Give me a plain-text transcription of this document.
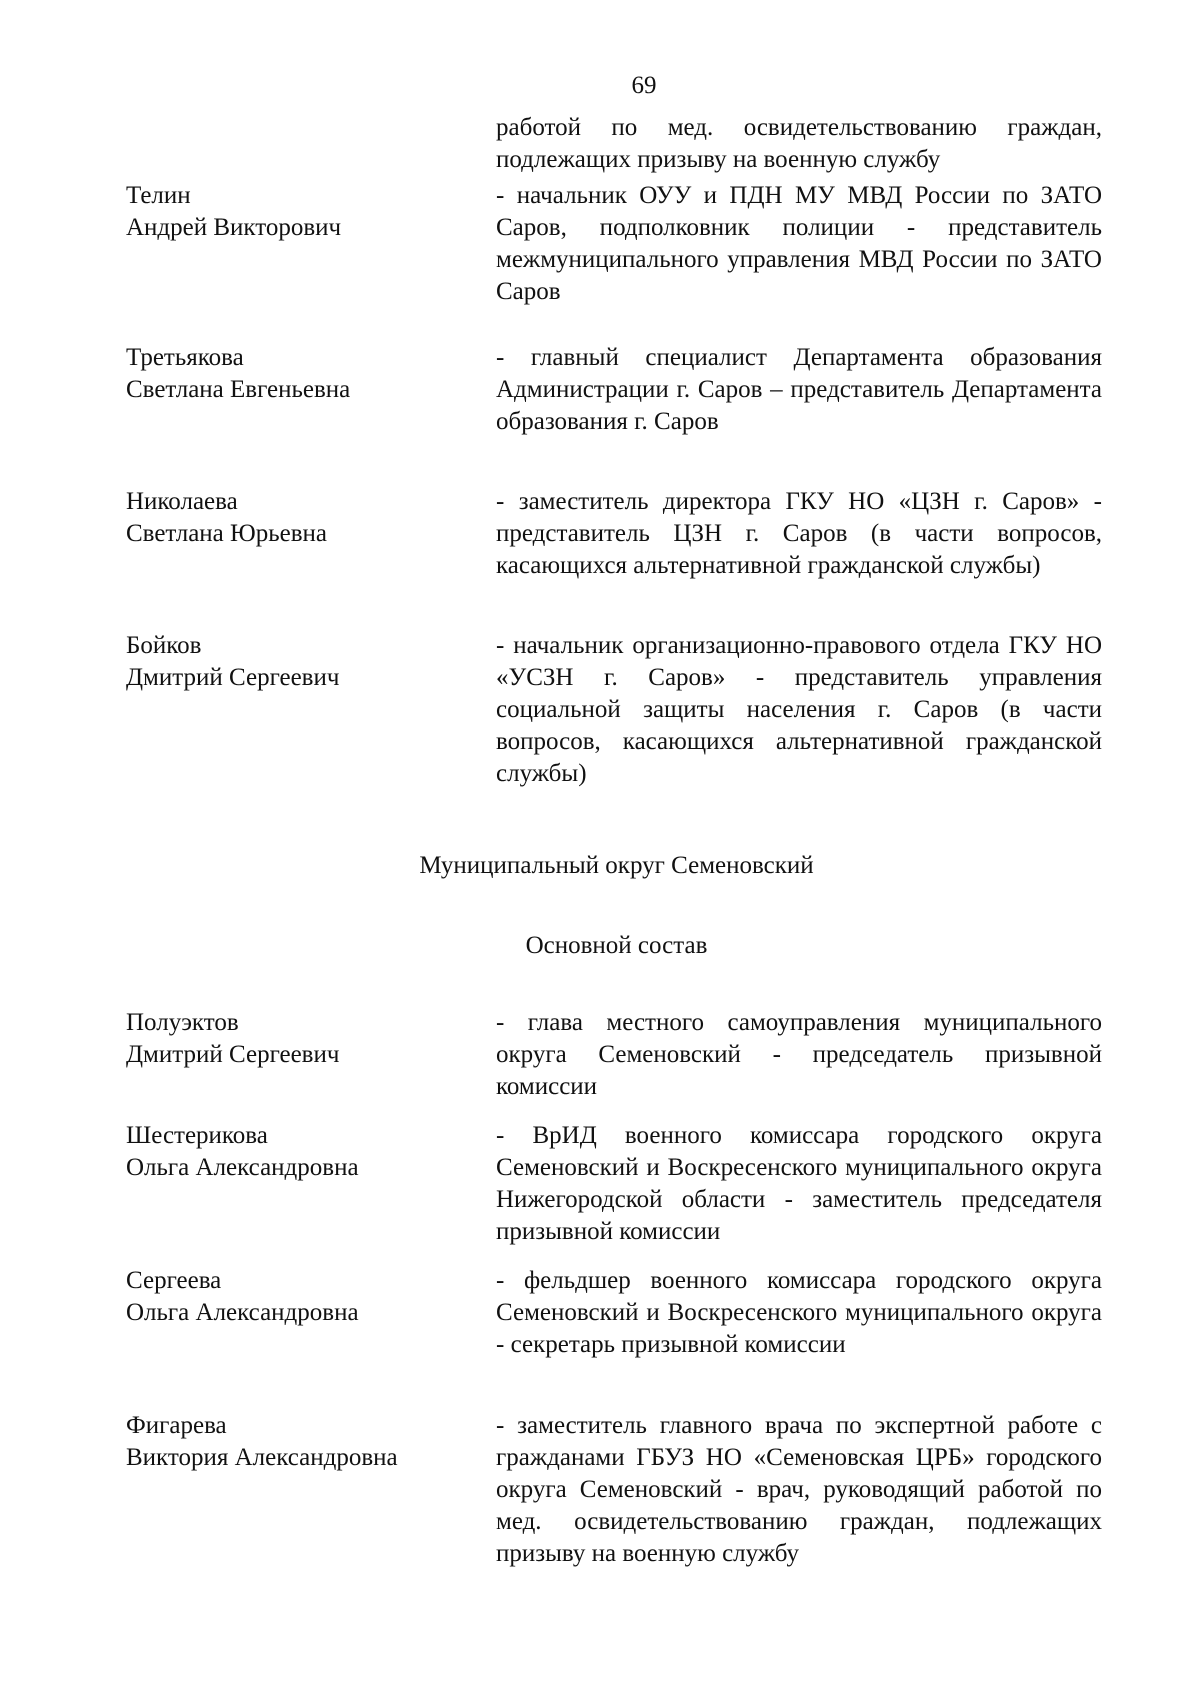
69
работой по мед. освидетельствованию граждан, подлежащих призыву на военную службу
Телин
Андрей Викторович
- начальник ОУУ и ПДН МУ МВД России по ЗАТО Саров, подполковник полиции - представитель межмуниципального управления МВД России по ЗАТО Саров
Третьякова
Светлана Евгеньевна
- главный специалист Департамента образования Администрации г. Саров – представитель Департамента образования г. Саров
Николаева
Светлана Юрьевна
- заместитель директора ГКУ НО «ЦЗН г. Саров» - представитель ЦЗН г. Саров (в части вопросов, касающихся альтернативной гражданской службы)
Бойков
Дмитрий Сергеевич
- начальник организационно-правового отдела ГКУ НО «УСЗН г. Саров» - представитель управления социальной защиты населения г. Саров (в части вопросов, касающихся альтернативной гражданской службы)
Муниципальный округ Семеновский
Основной состав
Полуэктов
Дмитрий Сергеевич
- глава местного самоуправления муниципального округа Семеновский - председатель призывной комиссии
Шестерикова
Ольга Александровна
- ВрИД военного комиссара городского округа Семеновский и Воскресенского муниципального округа Нижегородской области - заместитель председателя призывной комиссии
Сергеева
Ольга Александровна
- фельдшер военного комиссара городского округа Семеновский и Воскресенского муниципального округа - секретарь призывной комиссии
Фигарева
Виктория Александровна
- заместитель главного врача по экспертной работе с гражданами ГБУЗ НО «Семеновская ЦРБ» городского округа Семеновский - врач, руководящий работой по мед. освидетельствованию граждан, подлежащих призыву на военную службу
